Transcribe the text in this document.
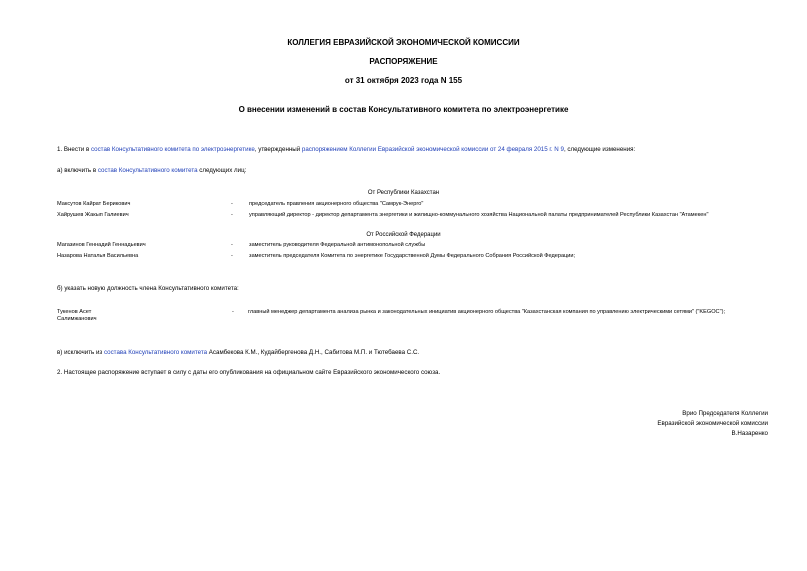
КОЛЛЕГИЯ ЕВРАЗИЙСКОЙ ЭКОНОМИЧЕСКОЙ КОМИССИИ
РАСПОРЯЖЕНИЕ
от 31 октября 2023 года N 155
О внесении изменений в состав Консультативного комитета по электроэнергетике
1. Внести в состав Консультативного комитета по электроэнергетике, утвержденный распоряжением Коллегии Евразийской экономической комиссии от 24 февраля 2015 г. N 9, следующие изменения:
а) включить в состав Консультативного комитета следующих лиц:
От Республики Казахстан
Максутов Кайрат Берикович	-	председатель правления акционерного общества "Самрук-Энерго"
Хайрушев Жакып Галиевич	-	управляющий директор - директор департамента энергетики и жилищно-коммунального хозяйства Национальной палаты предпринимателей Республики Казахстан "Атамекен"
От Российской Федерации
Магазинов Геннадий Геннадьевич	-	заместитель руководителя Федеральной антимонопольной службы
Назарова Наталья Васильевна	-	заместитель председателя Комитета по энергетике Государственной Думы Федерального Собрания Российской Федерации;
б) указать новую должность члена Консультативного комитета:
Тукенов Асет Салимжанович
-	главный менеджер департамента анализа рынка и законодательных инициатив акционерного общества "Казахстанская компания по управлению электрическими сетями" ("KEGOC");
в) исключить из состава Консультативного комитета Асамбекова К.М., Кудайбергенова Д.Н., Сабитова М.П. и Тютебаева С.С.
2. Настоящее распоряжение вступает в силу с даты его опубликования на официальном сайте Евразийского экономического союза.
Врио Председателя Коллегии
Евразийской экономической комиссии
В.Назаренко
